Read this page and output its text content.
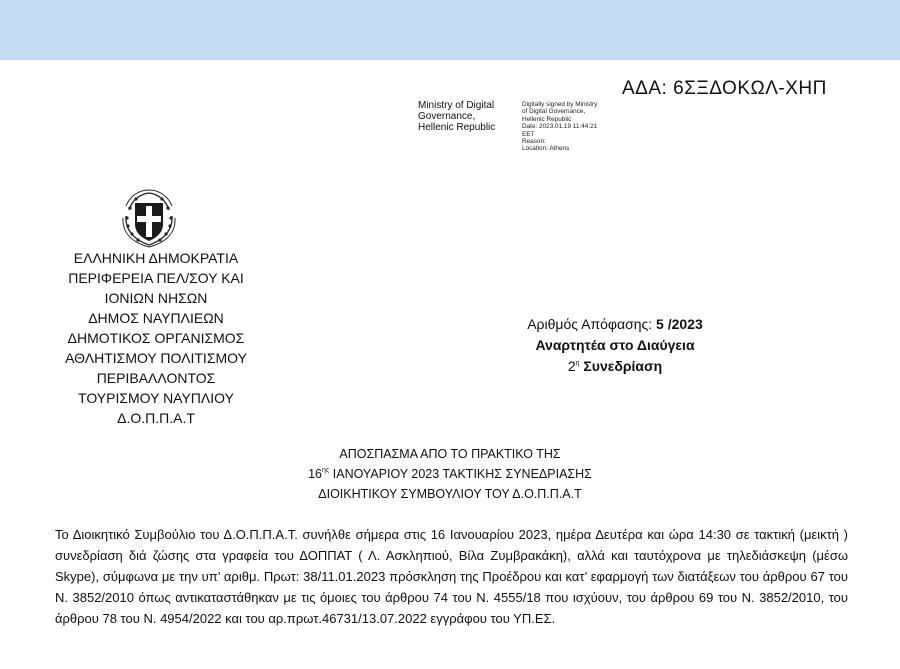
ΑΔΑ: 6ΣΞΔΟΚΩΛ-ΧΗΠ
Ministry of Digital
Governance,
Hellenic Republic
Digitally signed by Ministry
of Digital Governance,
Hellenic Republic
Date: 2023.01.19 11:44:21
EET
Reason:
Location: Athens
ΕΛΛΗΝΙΚΗ ΔΗΜΟΚΡΑΤΙΑ
ΠΕΡΙΦΕΡΕΙΑ ΠΕΛ/ΣΟΥ ΚΑΙ
ΙΟΝΙΩΝ ΝΗΣΩΝ
ΔΗΜΟΣ ΝΑΥΠΛΙΕΩΝ
ΔΗΜΟΤΙΚΟΣ ΟΡΓΑΝΙΣΜΟΣ
ΑΘΛΗΤΙΣΜΟΥ ΠΟΛΙΤΙΣΜΟΥ
ΠΕΡΙΒΑΛΛΟΝΤΟΣ
ΤΟΥΡΙΣΜΟΥ ΝΑΥΠΛΙΟΥ
Δ.Ο.Π.Π.Α.Τ
Αριθμός Απόφασης: 5 /2023
Αναρτητέα στο Διαύγεια
$2^\eta$ Συνεδρίαση
ΑΠΟΣΠΑΣΜΑ ΑΠΟ ΤΟ ΠΡΑΚΤΙΚΟ ΤΗΣ
$16^{\eta\varsigma}$ ΙΑΝΟΥΑΡΙΟΥ 2023 ΤΑΚΤΙΚΗΣ ΣΥΝΕΔΡΙΑΣΗΣ
ΔΙΟΙΚΗΤΙΚΟΥ ΣΥΜΒΟΥΛΙΟΥ ΤΟΥ Δ.Ο.Π.Π.Α.Τ
Το Διοικητικό Συμβούλιο του Δ.Ο.Π.Π.Α.Τ. συνήλθε σήμερα στις 16 Ιανουαρίου 2023, ημέρα Δευτέρα και ώρα 14:30 σε τακτική (μεικτή ) συνεδρίαση διά ζώσης στα γραφεία του ΔΟΠΠΑΤ ( Λ. Ασκληπιού, Βίλα Ζυμβρακάκη), αλλά και ταυτόχρονα με τηλεδιάσκεψη (μέσω Skype), σύμφωνα με την υπ’ αριθμ. Πρωτ: 38/11.01.2023 πρόσκληση της Προέδρου και κατ’ εφαρμογή των διατάξεων του άρθρου 67 του Ν. 3852/2010 όπως αντικαταστάθηκαν με τις όμοιες του άρθρου 74 του Ν. 4555/18 που ισχύουν, του άρθρου 69 του Ν. 3852/2010, του άρθρου 78 του Ν. 4954/2022 και του αρ.πρωτ.46731/13.07.2022 εγγράφου του ΥΠ.ΕΣ.
